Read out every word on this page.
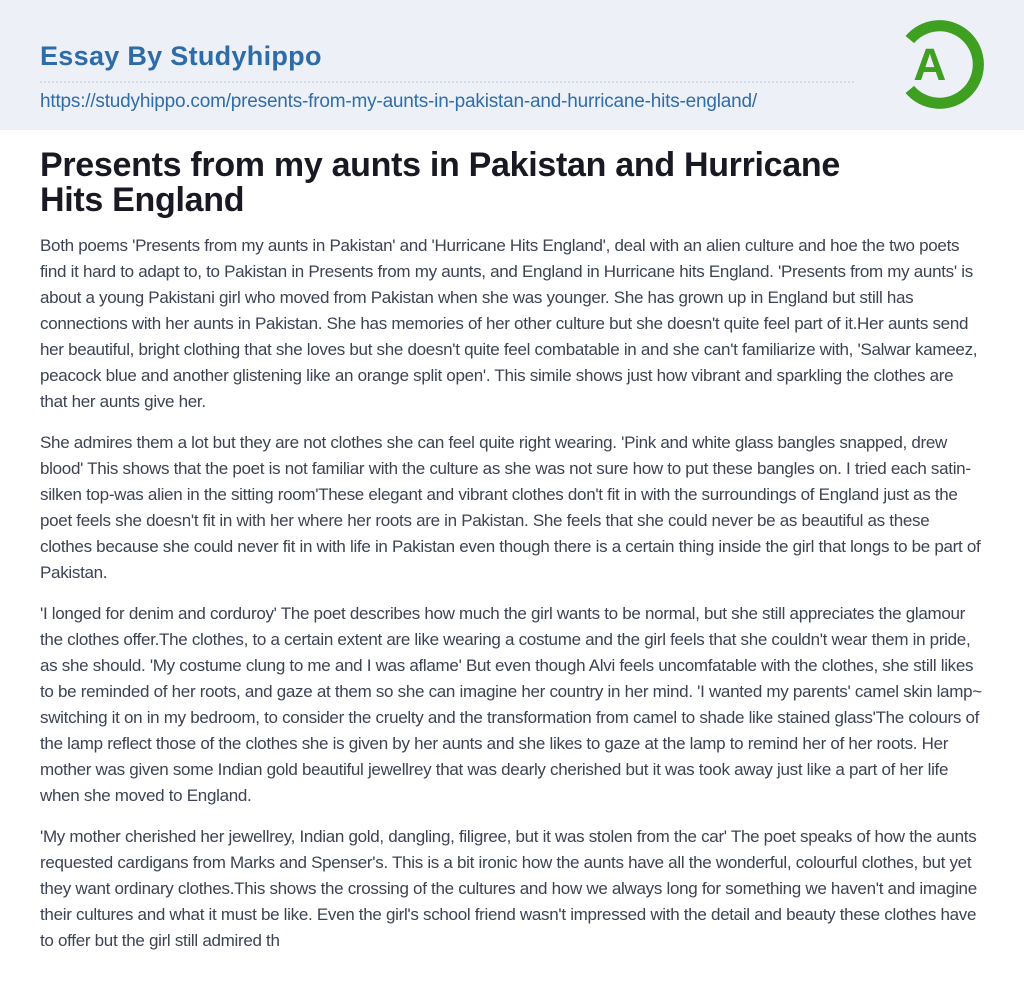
Essay By Studyhippo
https://studyhippo.com/presents-from-my-aunts-in-pakistan-and-hurricane-hits-england/
A
Presents from my aunts in Pakistan and Hurricane Hits England

Both poems 'Presents from my aunts in Pakistan' and 'Hurricane Hits England', deal with an alien culture and hoe the two poets find it hard to adapt to, to Pakistan in Presents from my aunts, and England in Hurricane hits England. 'Presents from my aunts' is about a young Pakistani girl who moved from Pakistan when she was younger. She has grown up in England but still has connections with her aunts in Pakistan. She has memories of her other culture but she doesn't quite feel part of it.Her aunts send her beautiful, bright clothing that she loves but she doesn't quite feel combatable in and she can't familiarize with, 'Salwar kameez, peacock blue and another glistening like an orange split open'. This simile shows just how vibrant and sparkling the clothes are that her aunts give her.

She admires them a lot but they are not clothes she can feel quite right wearing. 'Pink and white glass bangles snapped, drew blood' This shows that the poet is not familiar with the culture as she was not sure how to put these bangles on. I tried each satin-silken top-was alien in the sitting room'These elegant and vibrant clothes don't fit in with the surroundings of England just as the poet feels she doesn't fit in with her where her roots are in Pakistan. She feels that she could never be as beautiful as these clothes because she could never fit in with life in Pakistan even though there is a certain thing inside the girl that longs to be part of Pakistan.

'I longed for denim and corduroy' The poet describes how much the girl wants to be normal, but she still appreciates the glamour the clothes offer.The clothes, to a certain extent are like wearing a costume and the girl feels that she couldn't wear them in pride, as she should. 'My costume clung to me and I was aflame' But even though Alvi feels uncomfatable with the clothes, she still likes to be reminded of her roots, and gaze at them so she can imagine her country in her mind. 'I wanted my parents' camel skin lamp~ switching it on in my bedroom, to consider the cruelty and the transformation from camel to shade like stained glass'The colours of the lamp reflect those of the clothes she is given by her aunts and she likes to gaze at the lamp to remind her of her roots. Her mother was given some Indian gold beautiful jewellrey that was dearly cherished but it was took away just like a part of her life when she moved to England.

'My mother cherished her jewellrey, Indian gold, dangling, filigree, but it was stolen from the car' The poet speaks of how the aunts requested cardigans from Marks and Spenser's. This is a bit ironic how the aunts have all the wonderful, colourful clothes, but yet they want ordinary clothes.This shows the crossing of the cultures and how we always long for something we haven't and imagine their cultures and what it must be like. Even the girl's school friend wasn't impressed with the detail and beauty these clothes have to offer but the girl still admired th
